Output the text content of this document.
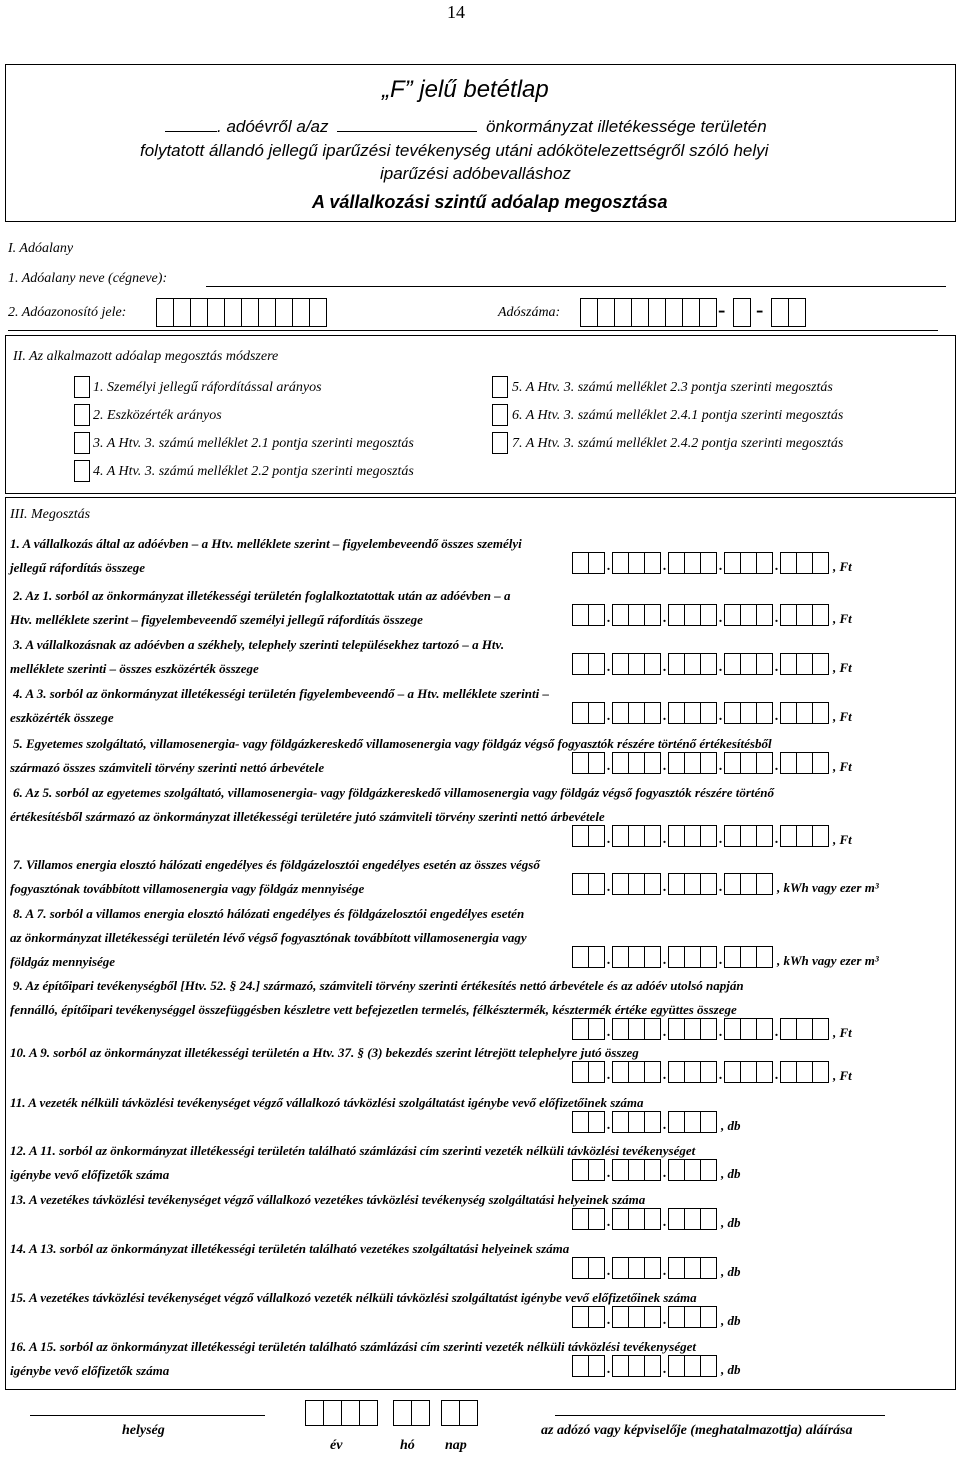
14
„F” jelű betétlap
. adóévről a/az	önkormányzat illetékessége területén
folytatott állandó jellegű iparűzési tevékenység utáni adókötelezettségről szóló helyi
iparűzési adóbevalláshoz
A vállalkozási szintű adóalap megosztása
I. Adóalany
1. Adóalany neve (cégneve):
2. Adóazonosító jele:	Adószáma:	- -
II. Az alkalmazott adóalap megosztás módszere
1. Személyi jellegű ráfordítással arányos
2. Eszközérték arányos
3. A Htv. 3. számú melléklet 2.1 pontja szerinti megosztás
4. A Htv. 3. számú melléklet 2.2 pontja szerinti megosztás
5. A Htv. 3. számú melléklet 2.3 pontja szerinti megosztás
6. A Htv. 3. számú melléklet 2.4.1 pontja szerinti megosztás
7. A Htv. 3. számú melléklet 2.4.2 pontja szerinti megosztás
III. Megosztás
1. A vállalkozás által az adóévben – a Htv. melléklete szerint – figyelembeveendő összes személyi
jellegű ráfordítás összege	.	.	.	.	, Ft
2. Az 1. sorból az önkormányzat illetékességi területén foglalkoztatottak után az adóévben – a
Htv. melléklete szerint – figyelembeveendő személyi jellegű ráfordítás összege	.	.	.	.	, Ft
3. A vállalkozásnak az adóévben a székhely, telephely szerinti településekhez tartozó – a Htv.
melléklete szerinti – összes eszközérték összege	.	.	.	.	, Ft
4. A 3. sorból az önkormányzat illetékességi területén figyelembeveendő – a Htv. melléklete szerinti –
eszközérték összege	.	.	.	.	, Ft
5. Egyetemes szolgáltató, villamosenergia- vagy földgázkereskedő villamosenergia vagy földgáz végső fogyasztók részére történő értékesítésből
származó összes számviteli törvény szerinti nettó árbevétele	.	.	.	.	, Ft
6. Az 5. sorból az egyetemes szolgáltató, villamosenergia- vagy földgázkereskedő villamosenergia vagy földgáz végső fogyasztók részére történő
értékesítésből származó az önkormányzat illetékességi területére jutó számviteli törvény szerinti nettó árbevétele
.	.	.	.	, Ft
7. Villamos energia elosztó hálózati engedélyes és földgázelosztói engedélyes esetén az összes végső
fogyasztónak továbbított villamosenergia vagy földgáz mennyisége	.	.	.	, kWh vagy ezer m³
8. A 7. sorból a villamos energia elosztó hálózati engedélyes és földgázelosztói engedélyes esetén
az önkormányzat illetékességi területén lévő végső fogyasztónak továbbított villamosenergia vagy
földgáz mennyisége	.	.	.	, kWh vagy ezer m³
9. Az építőipari tevékenységből [Htv. 52. § 24.] származó, számviteli törvény szerinti értékesítés nettó árbevétele és az adóév utolsó napján
fennálló, építőipari tevékenységgel összefüggésben készletre vett befejezetlen termelés, félkésztermék, késztermék értéke együttes összege
.	.	.	.	, Ft
10. A 9. sorból az önkormányzat illetékességi területén a Htv. 37. § (3) bekezdés szerint létrejött telephelyre jutó összeg
.	.	.	.	, Ft
11. A vezeték nélküli távközlési tevékenységet végző vállalkozó távközlési szolgáltatást igénybe vevő előfizetőinek száma
.	.	, db
12. A 11. sorból az önkormányzat illetékességi területén található számlázási cím szerinti vezeték nélküli távközlési tevékenységet
igénybe vevő előfizetők száma	.	.	, db
13. A vezetékes távközlési tevékenységet végző vállalkozó vezetékes távközlési tevékenység szolgáltatási helyeinek száma
.	.	, db
14. A 13. sorból az önkormányzat illetékességi területén található vezetékes szolgáltatási helyeinek száma
.	.	, db
15. A vezetékes távközlési tevékenységet végző vállalkozó vezeték nélküli távközlési szolgáltatást igénybe vevő előfizetőinek száma
.	.	, db
16. A 15. sorból az önkormányzat illetékességi területén található számlázási cím szerinti vezeték nélküli távközlési tevékenységet
igénybe vevő előfizetők száma	.	.	, db
helység
év	hó nap
az adózó vagy képviselője (meghatalmazottja) aláírása
